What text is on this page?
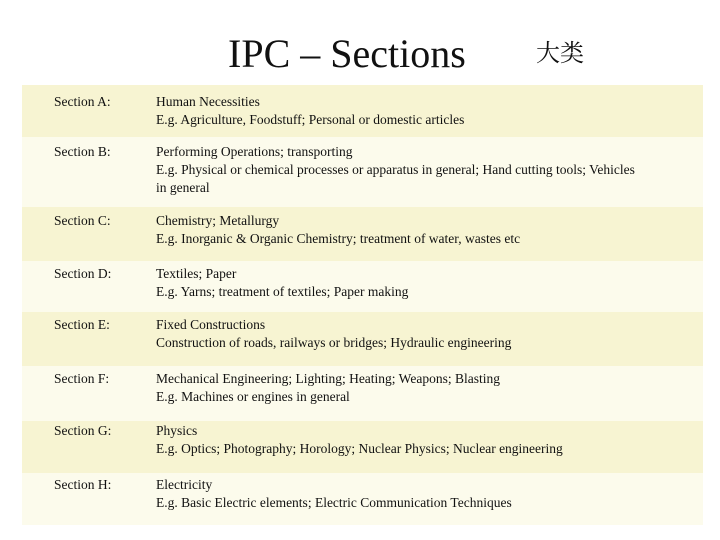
IPC – Sections	大类
Section A:	Human Necessities
E.g. Agriculture, Foodstuff; Personal or domestic articles
Section B:	Performing Operations; transporting
E.g. Physical or chemical processes or apparatus in general; Hand cutting tools; Vehicles
in general
Section C:	Chemistry; Metallurgy
E.g. Inorganic & Organic Chemistry; treatment of water, wastes etc
Section D:	Textiles; Paper
E.g. Yarns; treatment of textiles; Paper making
Section E:	Fixed Constructions
Construction of roads, railways or bridges; Hydraulic engineering
Section F:	Mechanical Engineering; Lighting; Heating; Weapons; Blasting
E.g. Machines or engines in general
Section G:	Physics
E.g. Optics; Photography; Horology; Nuclear Physics; Nuclear engineering
Section H:	Electricity
E.g. Basic Electric elements; Electric Communication Techniques
